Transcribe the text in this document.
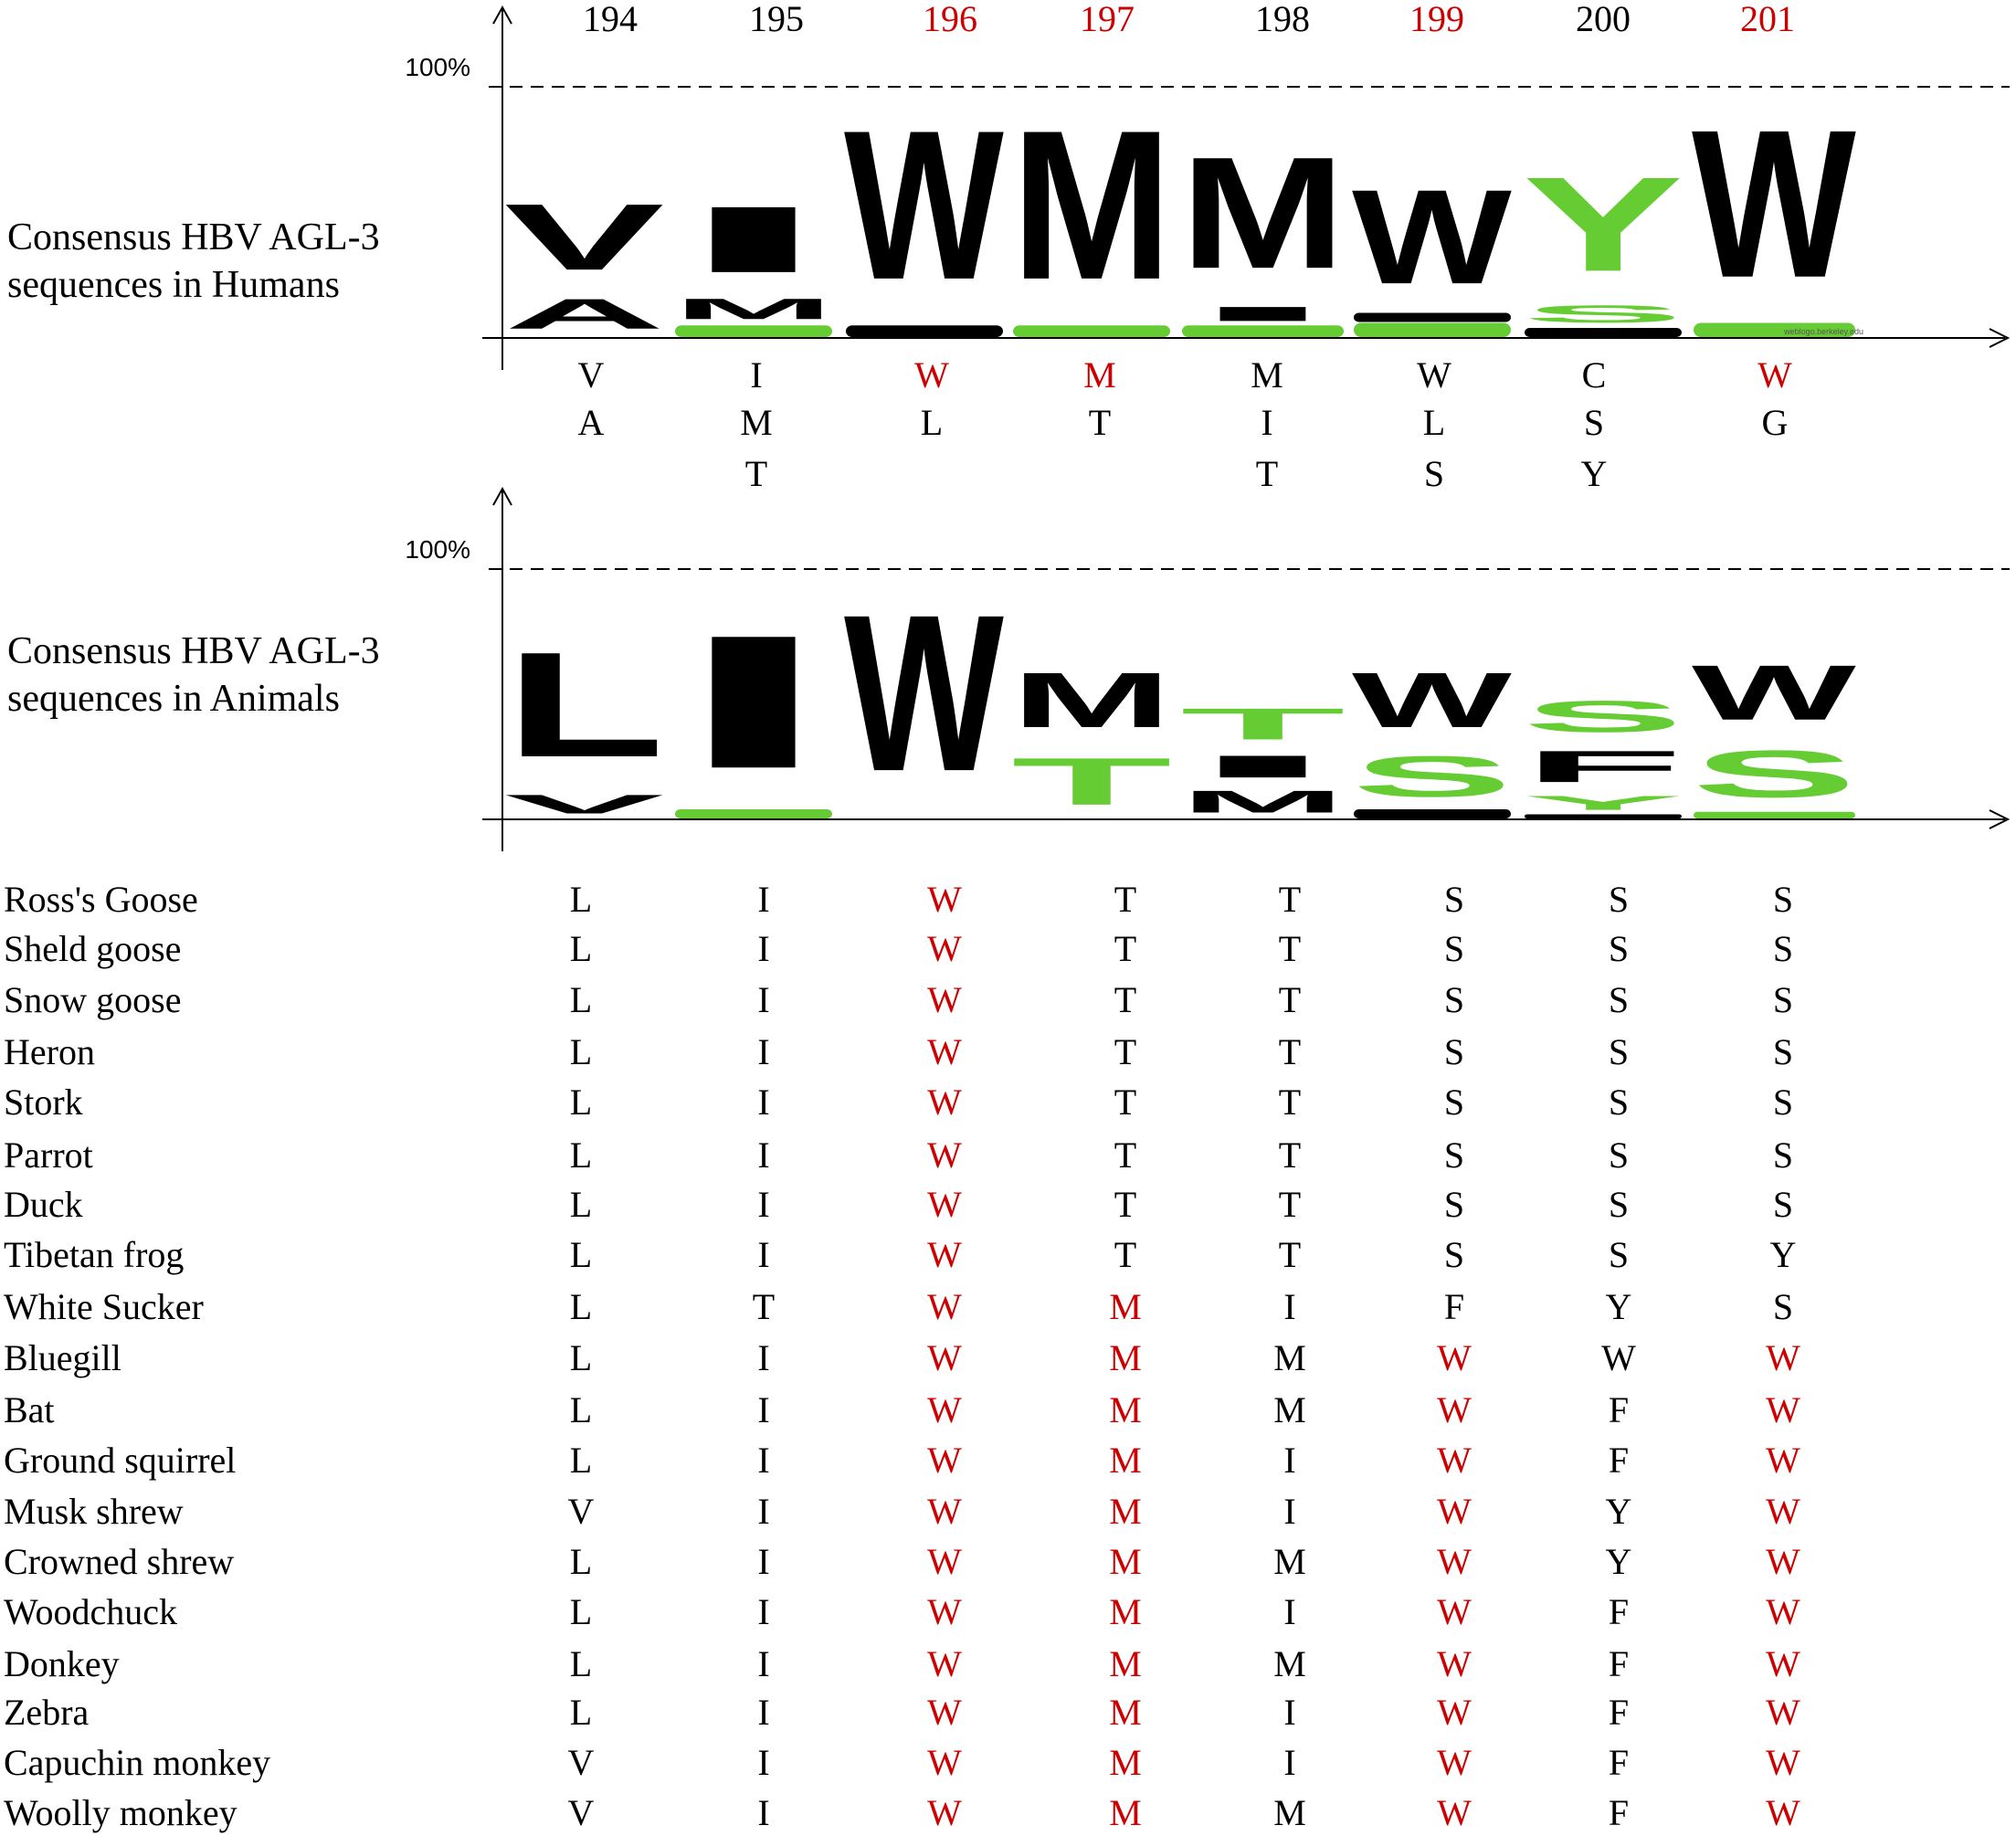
194	195	196	197	198	199	200	201
100%
Consensus HBV AGL-3
sequences in Humans
A
V
M
I W M I
M W
S
Y W
weblogo.berkeley.edu
V
A
I
M
T
W
L
M
T
M
I
T
W
L
S
C
S
Y
W
G
100%
Consensus HBV AGL-3
sequences in Animals
V
L I W T
M
M
I
T
S
W
Y
F
S
S
W
Ross's Goose	L	I	W	T	T	S	S	S
Sheld goose	L	I	W	T	T	S	S	S
Snow goose	L	I	W	T	T	S	S	S
Heron	L	I	W	T	T	S	S	S
Stork	L	I	W	T	T	S	S	S
Parrot	L	I	W	T	T	S	S	S
Duck	L	I	W	T	T	S	S	S
Tibetan frog	L	I	W	T	T	S	S	Y
White Sucker	L	T	W	M	I	F	Y	S
Bluegill	L	I	W	M	M	W	W	W
Bat	L	I	W	M	M	W	F	W
Ground squirrel	L	I	W	M	I	W	F	W
Musk shrew	V	I	W	M	I	W	Y	W
Crowned shrew	L	I	W	M	M	W	Y	W
Woodchuck	L	I	W	M	I	W	F	W
Donkey	L	I	W	M	M	W	F	W
Zebra	L	I	W	M	I	W	F	W
Capuchin monkey	V	I	W	M	I	W	F	W
Woolly monkey	V	I	W	M	M	W	F	W
